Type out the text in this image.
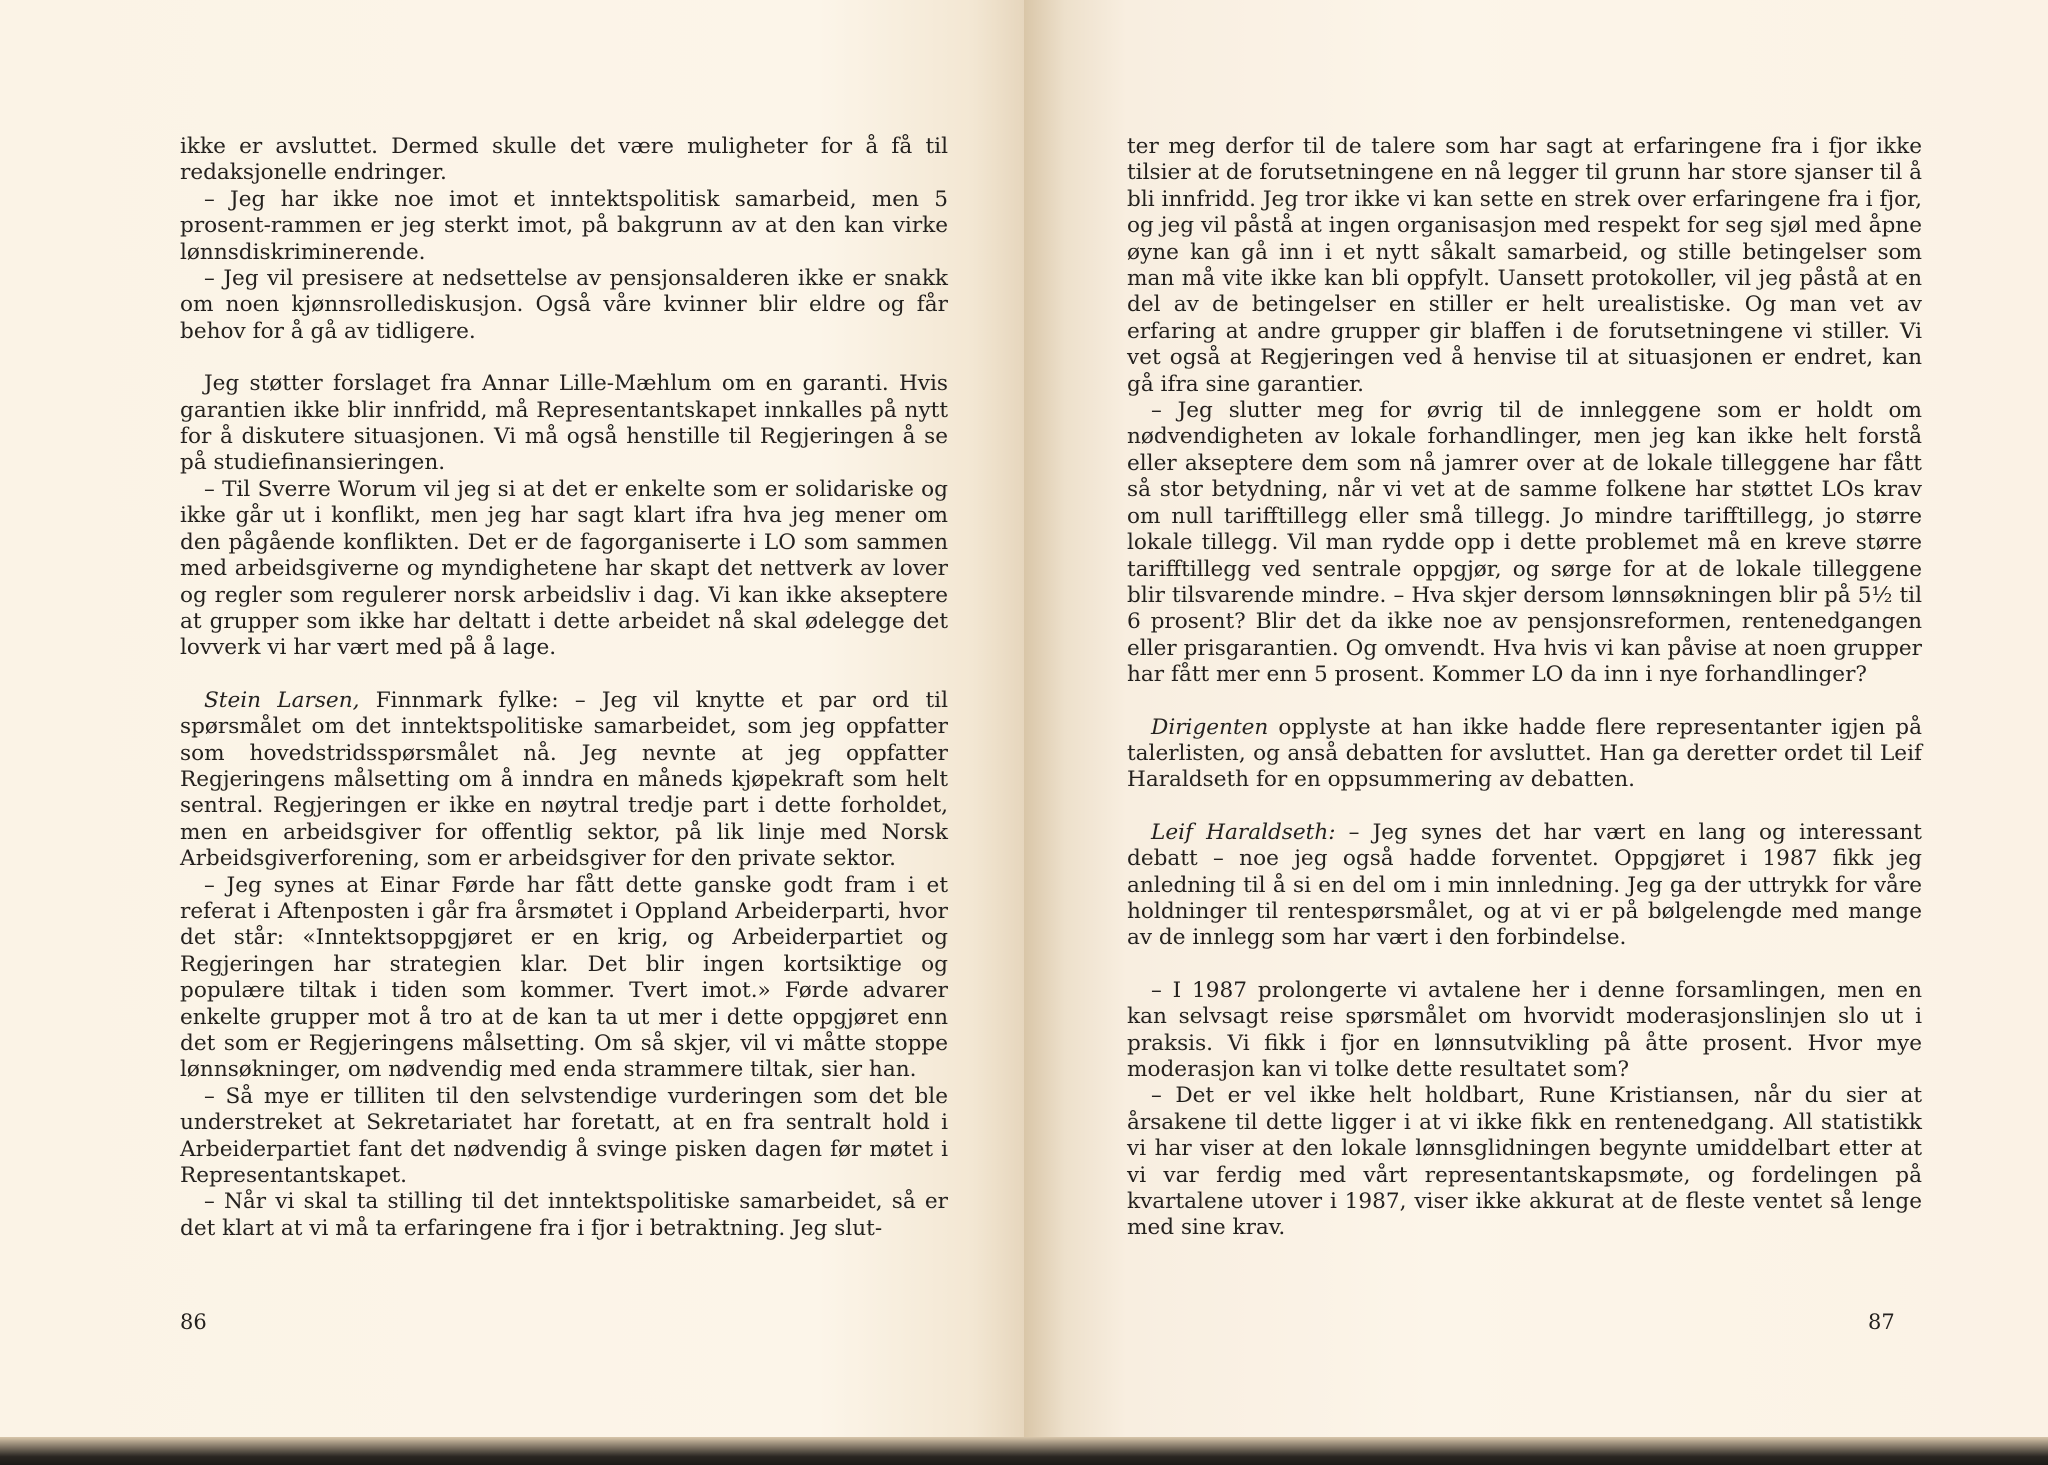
ikke er avsluttet. Dermed skulle det være muligheter for å få til redaksjonelle endringer.

– Jeg har ikke noe imot et inntektspolitisk samarbeid, men 5 prosent-rammen er jeg sterkt imot, på bakgrunn av at den kan virke lønnsdiskriminerende.

– Jeg vil presisere at nedsettelse av pensjonsalderen ikke er snakk om noen kjønnsrollediskusjon. Også våre kvinner blir eldre og får behov for å gå av tidligere.

Jeg støtter forslaget fra Annar Lille-Mæhlum om en garanti. Hvis garantien ikke blir innfridd, må Representantskapet innkalles på nytt for å diskutere situasjonen. Vi må også henstille til Regjeringen å se på studiefinansieringen.

– Til Sverre Worum vil jeg si at det er enkelte som er solidariske og ikke går ut i konflikt, men jeg har sagt klart ifra hva jeg mener om den pågående konflikten. Det er de fagorganiserte i LO som sammen med arbeidsgiverne og myndighetene har skapt det nettverk av lover og regler som regulerer norsk arbeidsliv i dag. Vi kan ikke akseptere at grupper som ikke har deltatt i dette arbeidet nå skal ødelegge det lovverk vi har vært med på å lage.

Stein Larsen, Finnmark fylke: – Jeg vil knytte et par ord til spørsmålet om det inntektspolitiske samarbeidet, som jeg oppfatter som hovedstridsspørsmålet nå. Jeg nevnte at jeg oppfatter Regjeringens målsetting om å inndra en måneds kjøpekraft som helt sentral. Regjeringen er ikke en nøytral tredje part i dette forholdet, men en arbeidsgiver for offentlig sektor, på lik linje med Norsk Arbeidsgiverforening, som er arbeidsgiver for den private sektor.

– Jeg synes at Einar Førde har fått dette ganske godt fram i et referat i Aftenposten i går fra årsmøtet i Oppland Arbeiderparti, hvor det står: «Inntektsoppgjøret er en krig, og Arbeiderpartiet og Regjeringen har strategien klar. Det blir ingen kortsiktige og populære tiltak i tiden som kommer. Tvert imot.» Førde advarer enkelte grupper mot å tro at de kan ta ut mer i dette oppgjøret enn det som er Regjeringens målsetting. Om så skjer, vil vi måtte stoppe lønnsøkninger, om nødvendig med enda strammere tiltak, sier han.

– Så mye er tilliten til den selvstendige vurderingen som det ble understreket at Sekretariatet har foretatt, at en fra sentralt hold i Arbeiderpartiet fant det nødvendig å svinge pisken dagen før møtet i Representantskapet.

– Når vi skal ta stilling til det inntektspolitiske samarbeidet, så er det klart at vi må ta erfaringene fra i fjor i betraktning. Jeg slut-

86

ter meg derfor til de talere som har sagt at erfaringene fra i fjor ikke tilsier at de forutsetningene en nå legger til grunn har store sjanser til å bli innfridd. Jeg tror ikke vi kan sette en strek over erfaringene fra i fjor, og jeg vil påstå at ingen organisasjon med respekt for seg sjøl med åpne øyne kan gå inn i et nytt såkalt samarbeid, og stille betingelser som man må vite ikke kan bli oppfylt. Uansett protokoller, vil jeg påstå at en del av de betingelser en stiller er helt urealistiske. Og man vet av erfaring at andre grupper gir blaffen i de forutsetningene vi stiller. Vi vet også at Regjeringen ved å henvise til at situasjonen er endret, kan gå ifra sine garantier.

– Jeg slutter meg for øvrig til de innleggene som er holdt om nødvendigheten av lokale forhandlinger, men jeg kan ikke helt forstå eller akseptere dem som nå jamrer over at de lokale tilleggene har fått så stor betydning, når vi vet at de samme folkene har støttet LOs krav om null tarifftillegg eller små tillegg. Jo mindre tarifftillegg, jo større lokale tillegg. Vil man rydde opp i dette problemet må en kreve større tarifftillegg ved sentrale oppgjør, og sørge for at de lokale tilleggene blir tilsvarende mindre. – Hva skjer dersom lønnsøkningen blir på 5½ til 6 prosent? Blir det da ikke noe av pensjonsreformen, rentenedgangen eller prisgarantien. Og omvendt. Hva hvis vi kan påvise at noen grupper har fått mer enn 5 prosent. Kommer LO da inn i nye forhandlinger?

Dirigenten opplyste at han ikke hadde flere representanter igjen på talerlisten, og anså debatten for avsluttet. Han ga deretter ordet til Leif Haraldseth for en oppsummering av debatten.

Leif Haraldseth: – Jeg synes det har vært en lang og interessant debatt – noe jeg også hadde forventet. Oppgjøret i 1987 fikk jeg anledning til å si en del om i min innledning. Jeg ga der uttrykk for våre holdninger til rentespørsmålet, og at vi er på bølgelengde med mange av de innlegg som har vært i den forbindelse.

– I 1987 prolongerte vi avtalene her i denne forsamlingen, men en kan selvsagt reise spørsmålet om hvorvidt moderasjonslinjen slo ut i praksis. Vi fikk i fjor en lønnsutvikling på åtte prosent. Hvor mye moderasjon kan vi tolke dette resultatet som?

– Det er vel ikke helt holdbart, Rune Kristiansen, når du sier at årsakene til dette ligger i at vi ikke fikk en rentenedgang. All statistikk vi har viser at den lokale lønnsglidningen begynte umiddelbart etter at vi var ferdig med vårt representantskapsmøte, og fordelingen på kvartalene utover i 1987, viser ikke akkurat at de fleste ventet så lenge med sine krav.

87
